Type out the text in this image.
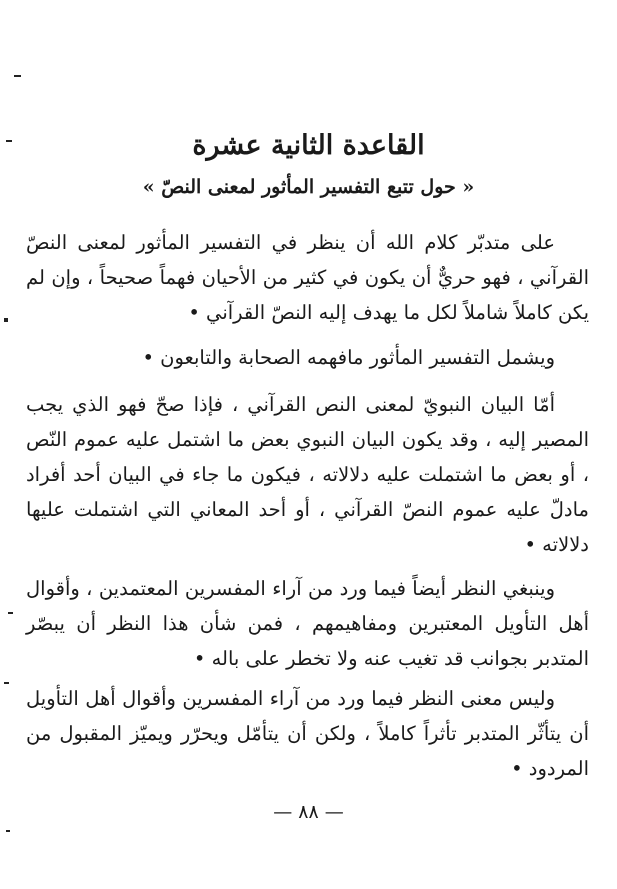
القاعدة الثانية عشرة
« حول تتبع التفسير المأثور لمعنى النصّ »

على متدبّر كلام الله أن ينظر في التفسير المأثور لمعنى النصّ القرآني ، فهو حريٌّ أن يكون في كثير من الأحيان فهماً صحيحاً ، وإن لم يكن كاملاً شاملاً لكل ما يهدف إليه النصّ القرآني •

ويشمل التفسير المأثور مافهمه الصحابة والتابعون •

أمّا البيان النبويّ لمعنى النص القرآني ، فإذا صحّ فهو الذي يجب المصير إليه ، وقد يكون البيان النبوي بعض ما اشتمل عليه عموم النّص ، أو بعض ما اشتملت عليه دلالاته ، فيكون ما جاء في البيان أحد أفراد مادلّ عليه عموم النصّ القرآني ، أو أحد المعاني التي اشتملت عليها دلالاته •

وينبغي النظر أيضاً فيما ورد من آراء المفسرين المعتمدين ، وأقوال أهل التأويل المعتبرين ومفاهيمهم ، فمن شأن هذا النظر أن يبصّر المتدبر بجوانب قد تغيب عنه ولا تخطر على باله •

وليس معنى النظر فيما ورد من آراء المفسرين وأقوال أهل التأويل أن يتأثّر المتدبر تأثراً كاملاً ، ولكن أن يتأمّل ويحرّر ويميّز المقبول من المردود •

— ٨٨ —
